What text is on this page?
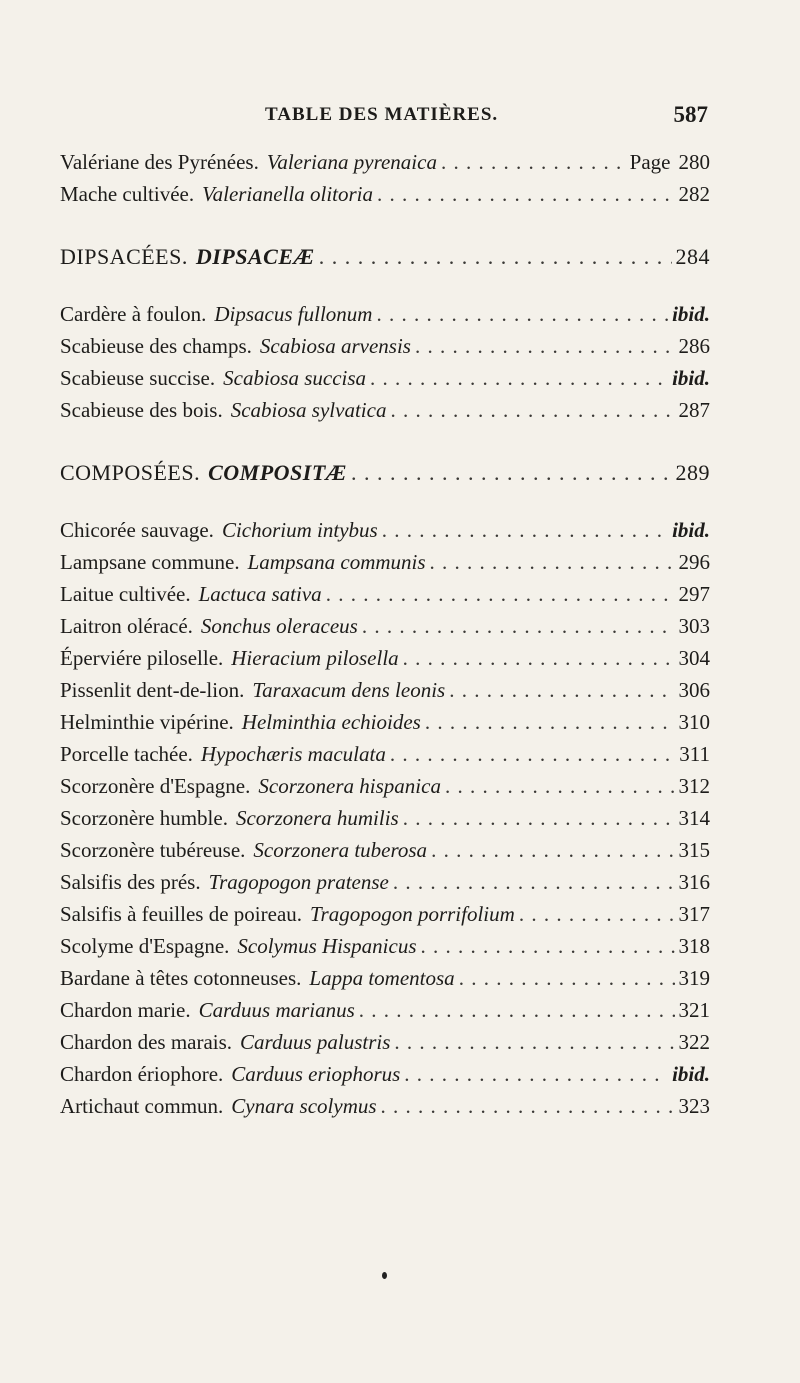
TABLE DES MATIÈRES.	587
Valériane des Pyrénées. Valeriana pyrenaica . . .	Page 280
Mache cultivée. Valerianella olitoria . . .	282
DIPSACÉES. DIPSACEÆ . . .	284
Cardère à foulon. Dipsacus fullonum . . .	ibid.
Scabieuse des champs. Scabiosa arvensis . . .	286
Scabieuse succise. Scabiosa succisa . . .	ibid.
Scabieuse des bois. Scabiosa sylvatica . . .	287
COMPOSÉES. COMPOSITÆ . . .	289
Chicorée sauvage. Cichorium intybus . . .	ibid.
Lampsane commune. Lampsana communis . . .	296
Laitue cultivée. Lactuca sativa . . .	297
Laitron oléracé. Sonchus oleraceus . . .	303
Éperviére piloselle. Hieracium pilosella . . .	304
Pissenlit dent-de-lion. Taraxacum dens leonis . . .	306
Helminthie vipérine. Helminthia echioides . . .	310
Porcelle tachée. Hypochæris maculata . . .	311
Scorzonère d'Espagne. Scorzonera hispanica . . .	312
Scorzonère humble. Scorzonera humilis . . .	314
Scorzonère tubéreuse. Scorzonera tuberosa . . .	315
Salsifis des prés. Tragopogon pratense . . .	316
Salsifis à feuilles de poireau. Tragopogon porrifolium . . .	317
Scolyme d'Espagne. Scolymus Hispanicus . . .	318
Bardane à têtes cotonneuses. Lappa tomentosa . . .	319
Chardon marie. Carduus marianus . . .	321
Chardon des marais. Carduus palustris . . .	322
Chardon ériophore. Carduus eriophorus . . .	ibid.
Artichaut commun. Cynara scolymus . . .	323
